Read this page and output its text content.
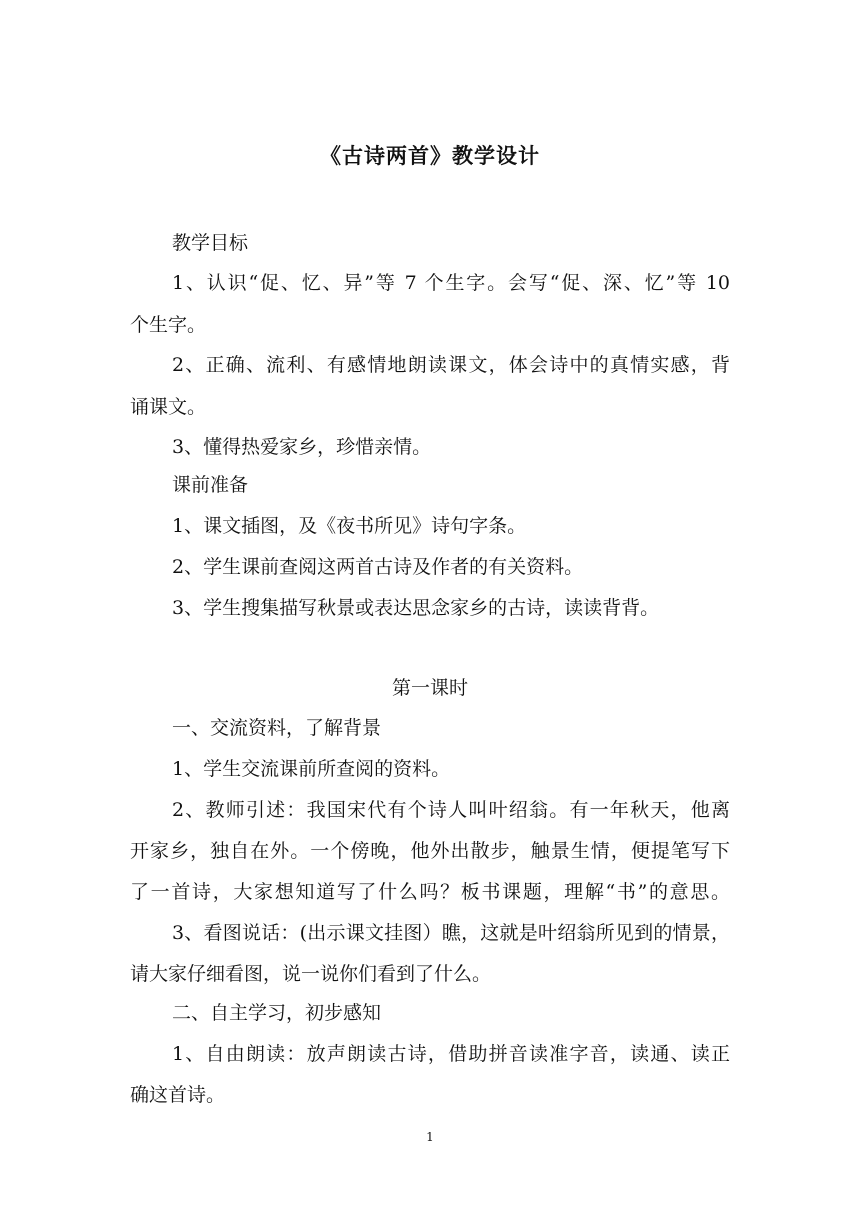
《古诗两首》教学设计
教学目标
1、认识“促、忆、异”等 7 个生字。会写“促、深、忆”等 10
个生字。
2、正确、流利、有感情地朗读课文，体会诗中的真情实感，背
诵课文。
3、懂得热爱家乡，珍惜亲情。
课前准备
1、课文插图，及《夜书所见》诗句字条。
2、学生课前查阅这两首古诗及作者的有关资料。
3、学生搜集描写秋景或表达思念家乡的古诗，读读背背。
第一课时
一、交流资料，了解背景
1、学生交流课前所查阅的资料。
2、教师引述：我国宋代有个诗人叫叶绍翁。有一年秋天，他离
开家乡，独自在外。一个傍晚，他外出散步，触景生情，便提笔写下
了一首诗，大家想知道写了什么吗？板书课题，理解“书”的意思。
3、看图说话：(出示课文挂图）瞧，这就是叶绍翁所见到的情景，
请大家仔细看图，说一说你们看到了什么。
二、自主学习，初步感知
1、自由朗读：放声朗读古诗，借助拼音读准字音，读通、读正
确这首诗。
1
